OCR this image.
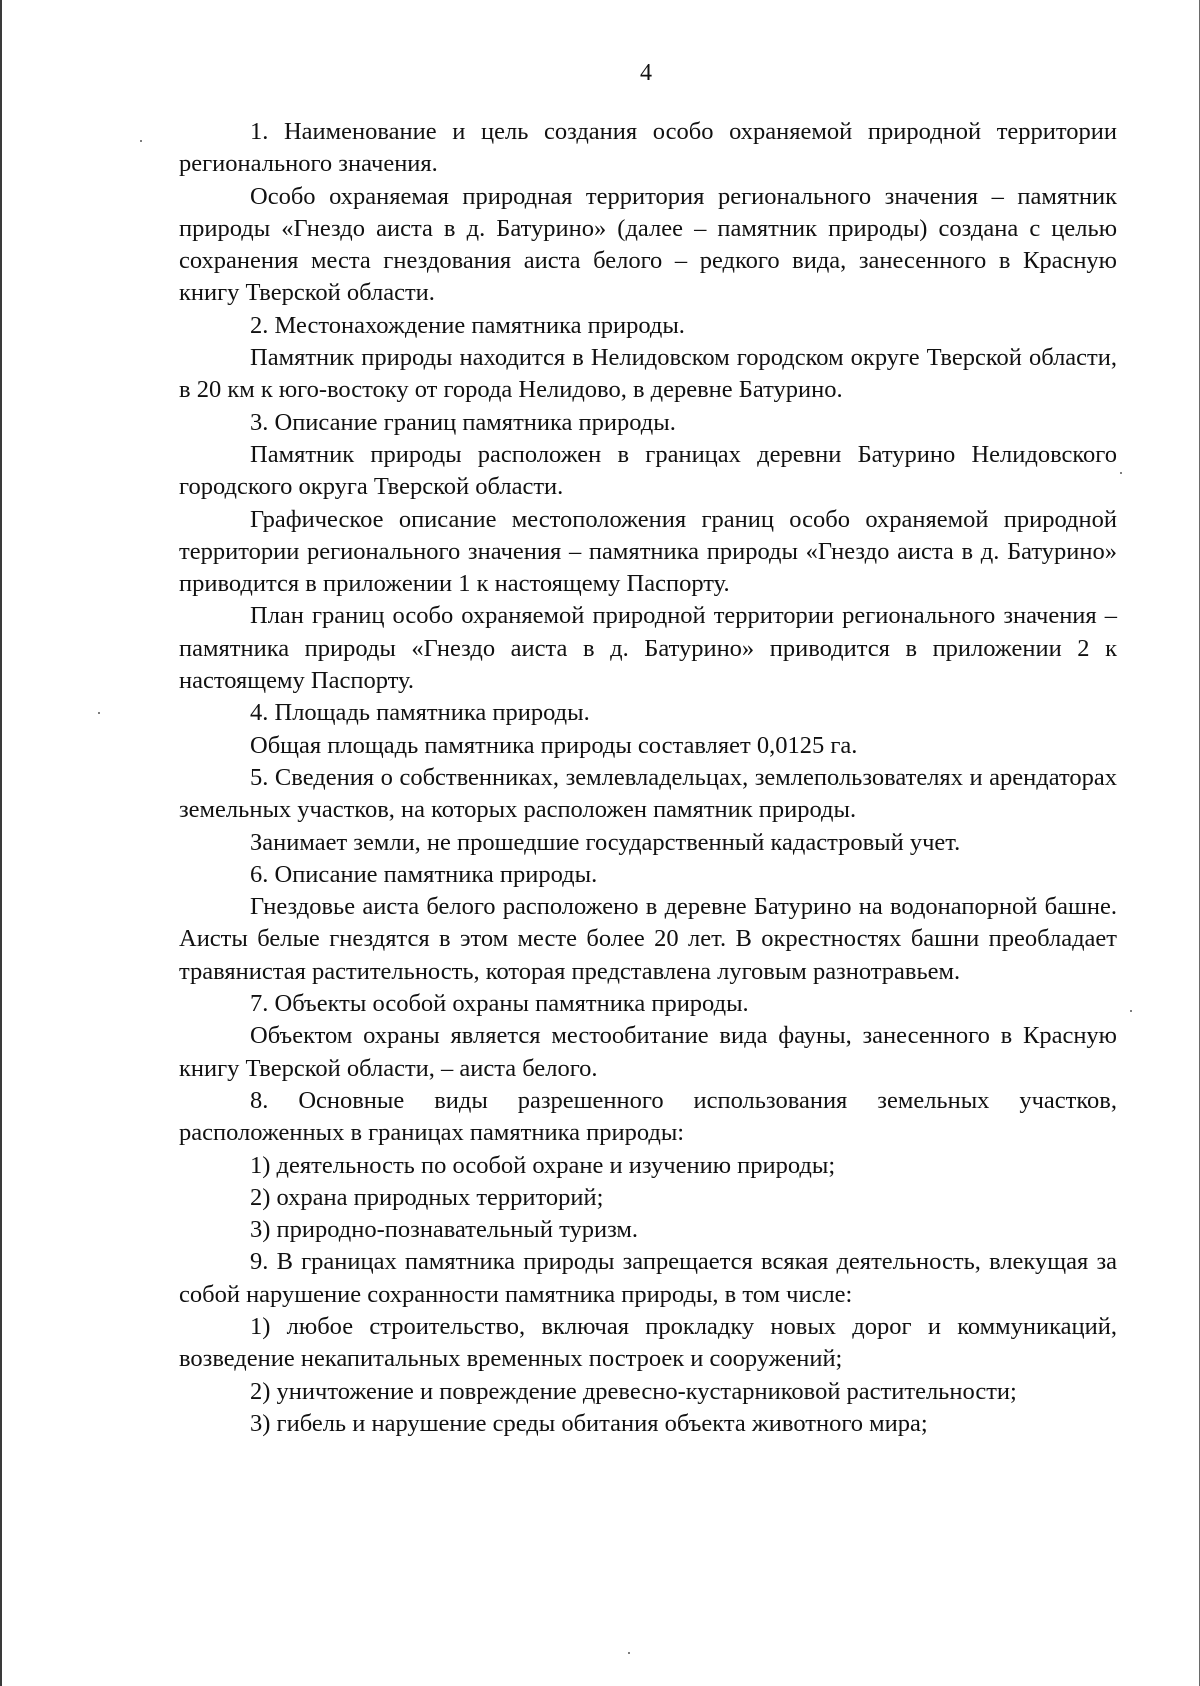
4

1. Наименование и цель создания особо охраняемой природной территории регионального значения.

Особо охраняемая природная территория регионального значения – памятник природы «Гнездо аиста в д. Батурино» (далее – памятник природы) создана с целью сохранения места гнездования аиста белого – редкого вида, занесенного в Красную книгу Тверской области.

2. Местонахождение памятника природы.

Памятник природы находится в Нелидовском городском округе Тверской области, в 20 км к юго-востоку от города Нелидово, в деревне Батурино.

3. Описание границ памятника природы.

Памятник природы расположен в границах деревни Батурино Нелидовского городского округа Тверской области.

Графическое описание местоположения границ особо охраняемой природной территории регионального значения – памятника природы «Гнездо аиста в д. Батурино» приводится в приложении 1 к настоящему Паспорту.

План границ особо охраняемой природной территории регионального значения – памятника природы «Гнездо аиста в д. Батурино» приводится в приложении 2 к настоящему Паспорту.

4. Площадь памятника природы.

Общая площадь памятника природы составляет 0,0125 га.

5. Сведения о собственниках, землевладельцах, землепользователях и арендаторах земельных участков, на которых расположен памятник природы.

Занимает земли, не прошедшие государственный кадастровый учет.

6. Описание памятника природы.

Гнездовье аиста белого расположено в деревне Батурино на водонапорной башне. Аисты белые гнездятся в этом месте более 20 лет. В окрестностях башни преобладает травянистая растительность, которая представлена луговым разнотравьем.

7. Объекты особой охраны памятника природы.

Объектом охраны является местообитание вида фауны, занесенного в Красную книгу Тверской области, – аиста белого.

8. Основные виды разрешенного использования земельных участков, расположенных в границах памятника природы:

1) деятельность по особой охране и изучению природы;

2) охрана природных территорий;

3) природно-познавательный туризм.

9. В границах памятника природы запрещается всякая деятельность, влекущая за собой нарушение сохранности памятника природы, в том числе:

1) любое строительство, включая прокладку новых дорог и коммуникаций, возведение некапитальных временных построек и сооружений;

2) уничтожение и повреждение древесно-кустарниковой растительности;

3) гибель и нарушение среды обитания объекта животного мира;
